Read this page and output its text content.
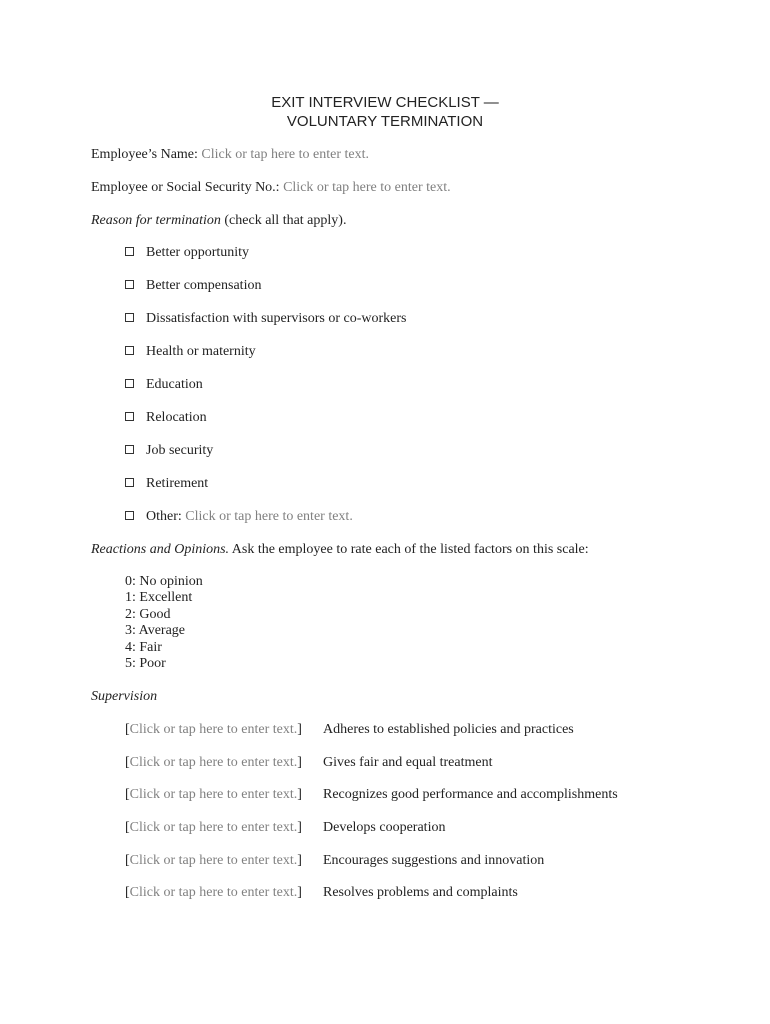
EXIT INTERVIEW CHECKLIST —
VOLUNTARY TERMINATION
Employee’s Name: Click or tap here to enter text.
Employee or Social Security No.: Click or tap here to enter text.
Reason for termination (check all that apply).
Better opportunity
Better compensation
Dissatisfaction with supervisors or co-workers
Health or maternity
Education
Relocation
Job security
Retirement
Other: Click or tap here to enter text.
Reactions and Opinions. Ask the employee to rate each of the listed factors on this scale:
0: No opinion
1: Excellent
2: Good
3: Average
4: Fair
5: Poor
Supervision
[Click or tap here to enter text.] Adheres to established policies and practices
[Click or tap here to enter text.] Gives fair and equal treatment
[Click or tap here to enter text.] Recognizes good performance and accomplishments
[Click or tap here to enter text.] Develops cooperation
[Click or tap here to enter text.] Encourages suggestions and innovation
[Click or tap here to enter text.] Resolves problems and complaints
